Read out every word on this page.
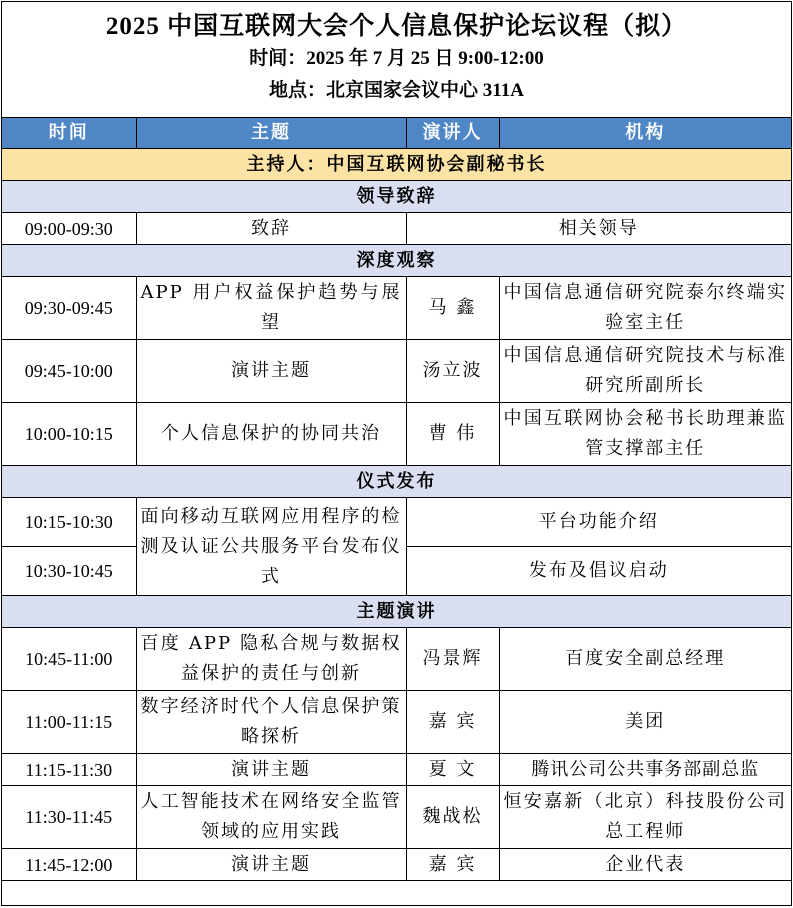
2025 中国互联网大会个人信息保护论坛议程（拟）
时间：2025 年 7 月 25 日 9:00-12:00
地点：北京国家会议中心 311A
时间	主题	演讲人	机构
主持人：中国互联网协会副秘书长			
领导致辞			
09:00-09:30	致辞	相关领导	
深度观察			
09:30-09:45	APP 用户权益保护趋势与展望	马 鑫	中国信息通信研究院泰尔终端实验室主任
09:45-10:00	演讲主题	汤立波	中国信息通信研究院技术与标准研究所副所长
10:00-10:15	个人信息保护的协同共治	曹 伟	中国互联网协会秘书长助理兼监管支撑部主任
仪式发布			
10:15-10:30	面向移动互联网应用程序的检测及认证公共服务平台发布仪式	平台功能介绍	
10:30-10:45		发布及倡议启动	
主题演讲			
10:45-11:00	百度 APP 隐私合规与数据权益保护的责任与创新	冯景辉	百度安全副总经理
11:00-11:15	数字经济时代个人信息保护策略探析	嘉 宾	美团
11:15-11:30	演讲主题	夏 文	腾讯公司公共事务部副总监
11:30-11:45	人工智能技术在网络安全监管领域的应用实践	魏战松	恒安嘉新（北京）科技股份公司总工程师
11:45-12:00	演讲主题	嘉 宾	企业代表
